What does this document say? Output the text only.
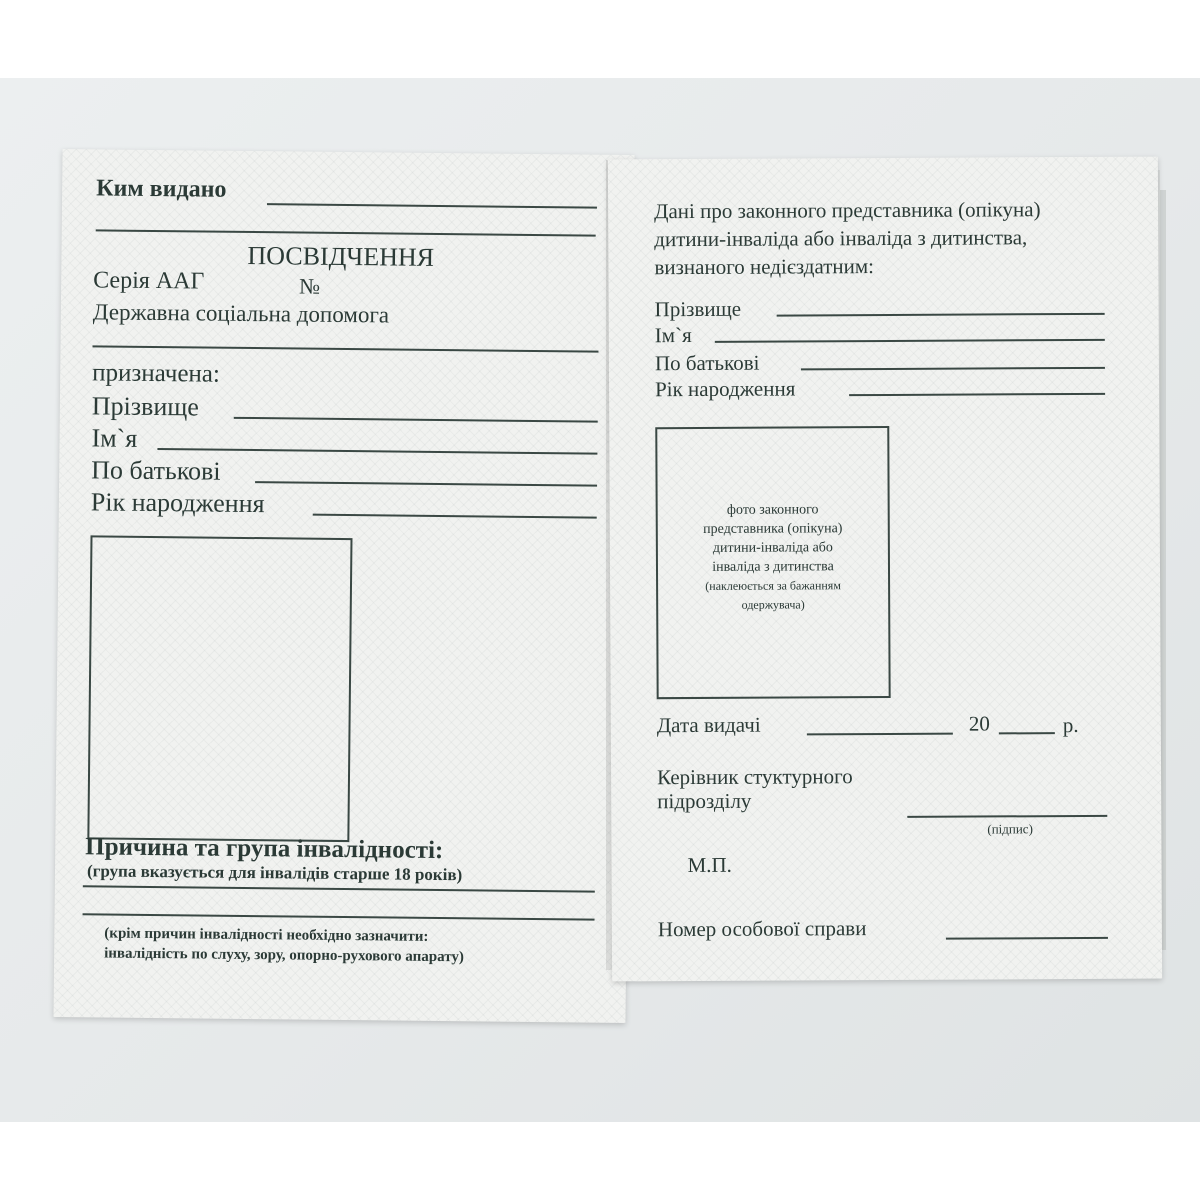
Ким видано
ПОСВІДЧЕННЯ
Серія ААГ	№
Державна соціальна допомога
призначена:
Прізвище
Ім`я
По батькові
Рік народження
Причина та група інвалідності:
(група вказується для інвалідів старше 18 років)
(крім причин інвалідності необхідно зазначити:
інвалідність по слуху, зору, опорно-рухового апарату)
Дані про законного представника (опікуна)
дитини-інваліда або інваліда з дитинства,
визнаного недієздатним:
Прізвище
Ім`я
По батькові
Рік народження
фото законного
представника (опікуна)
дитини-інваліда або
інваліда з дитинства
(наклеюється за бажанням
одержувача)
Дата видачі	20	р.
Керівник стуктурного
підрозділу
(підпис)
М.П.
Номер особової справи
